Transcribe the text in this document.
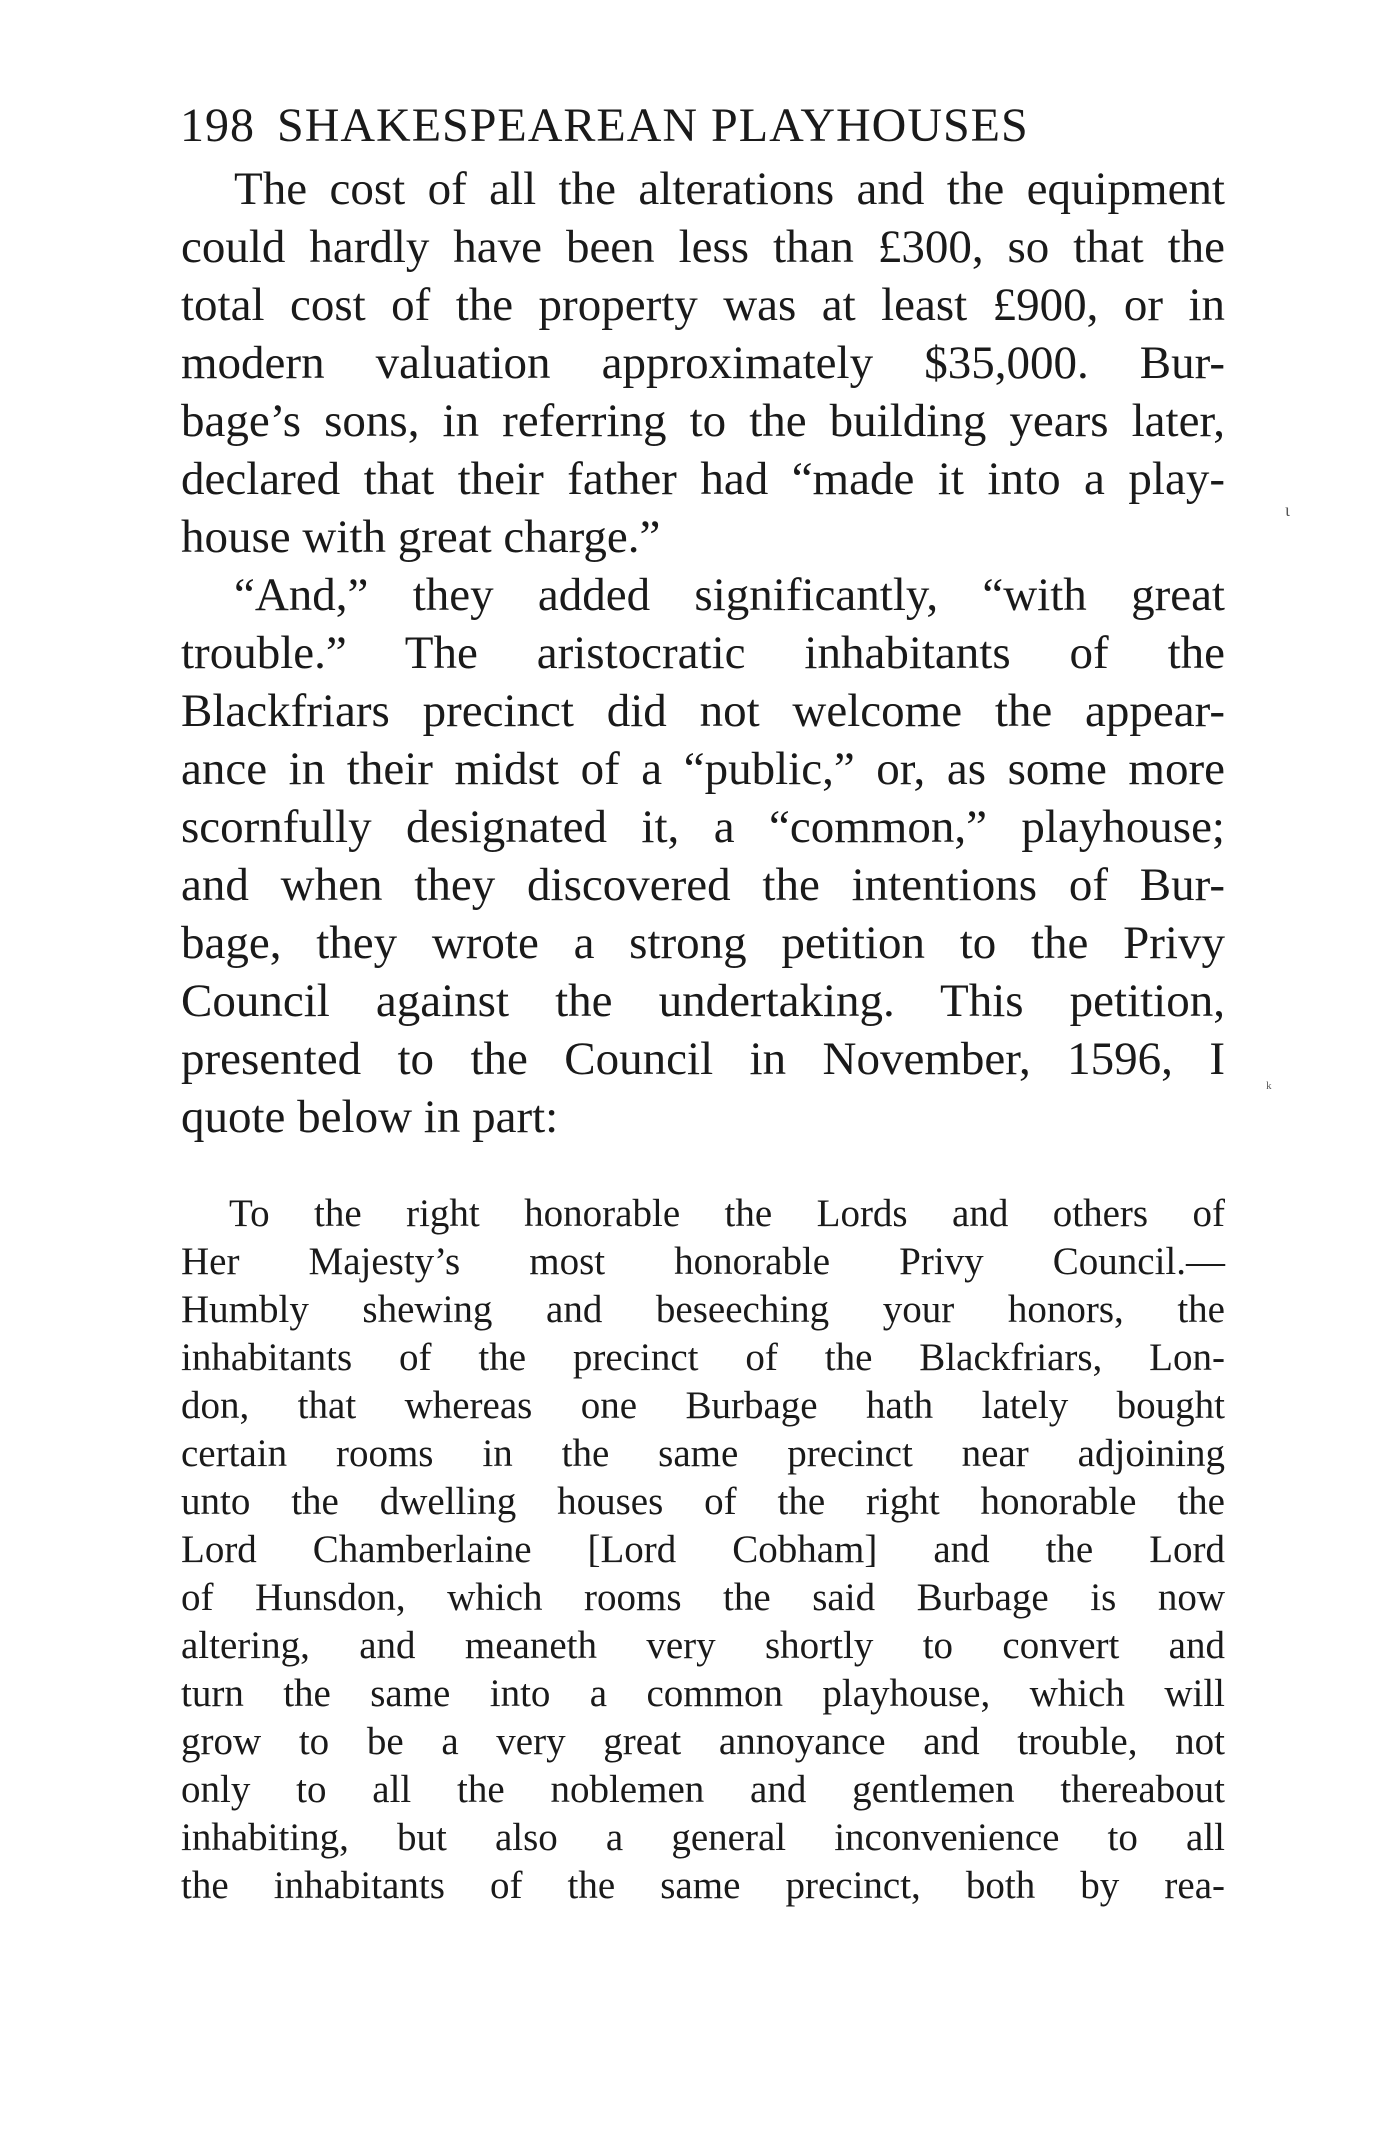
198 SHAKESPEAREAN PLAYHOUSES
The cost of all the alterations and the equipment
could hardly have been less than £300, so that the
total cost of the property was at least £900, or in
modern valuation approximately $35,000. Bur-
bage’s sons, in referring to the building years later,
declared that their father had “made it into a play-
house with great charge.”
“And,” they added significantly, “with great
trouble.” The aristocratic inhabitants of the
Blackfriars precinct did not welcome the appear-
ance in their midst of a “public,” or, as some more
scornfully designated it, a “common,” playhouse;
and when they discovered the intentions of Bur-
bage, they wrote a strong petition to the Privy
Council against the undertaking. This petition,
presented to the Council in November, 1596, I
quote below in part:
To the right honorable the Lords and others of
Her Majesty’s most honorable Privy Council.—
Humbly shewing and beseeching your honors, the
inhabitants of the precinct of the Blackfriars, Lon-
don, that whereas one Burbage hath lately bought
certain rooms in the same precinct near adjoining
unto the dwelling houses of the right honorable the
Lord Chamberlaine [Lord Cobham] and the Lord
of Hunsdon, which rooms the said Burbage is now
altering, and meaneth very shortly to convert and
turn the same into a common playhouse, which will
grow to be a very great annoyance and trouble, not
only to all the noblemen and gentlemen thereabout
inhabiting, but also a general inconvenience to all
the inhabitants of the same precinct, both by rea-
ι
ᵏ
